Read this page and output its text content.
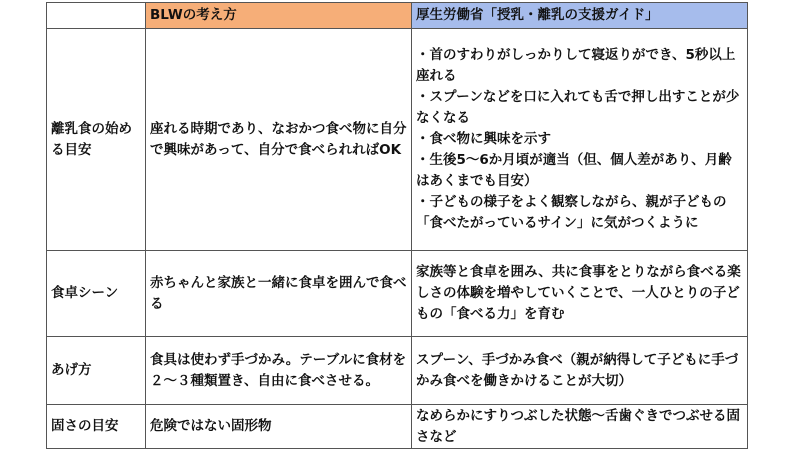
	BLWの考え方	厚生労働省「授乳・離乳の支援ガイド」
離乳食の始める目安	座れる時期であり、なおかつ食べ物に自分で興味があって、自分で食べられればOK	・首のすわりがしっかりして寝返りができ、5秒以上座れる
・スプーンなどを口に入れても舌で押し出すことが少なくなる
・食べ物に興味を示す
・生後5～6か月頃が適当（但、個人差があり、月齢はあくまでも目安）
・子どもの様子をよく観察しながら、親が子どもの「食べたがっているサイン」に気がつくように

食卓シーン	赤ちゃんと家族と一緒に食卓を囲んで食べる	家族等と食卓を囲み、共に食事をとりながら食べる楽しさの体験を増やしていくことで、一人ひとりの子どもの「食べる力」を育む
あげ方	食具は使わず手づかみ。テーブルに食材を２～３種類置き、自由に食べさせる。	スプーン、手づかみ食べ（親が納得して子どもに手づかみ食べを働きかけることが大切）
固さの目安	危険ではない固形物	なめらかにすりつぶした状態～舌歯ぐきでつぶせる固さなど
